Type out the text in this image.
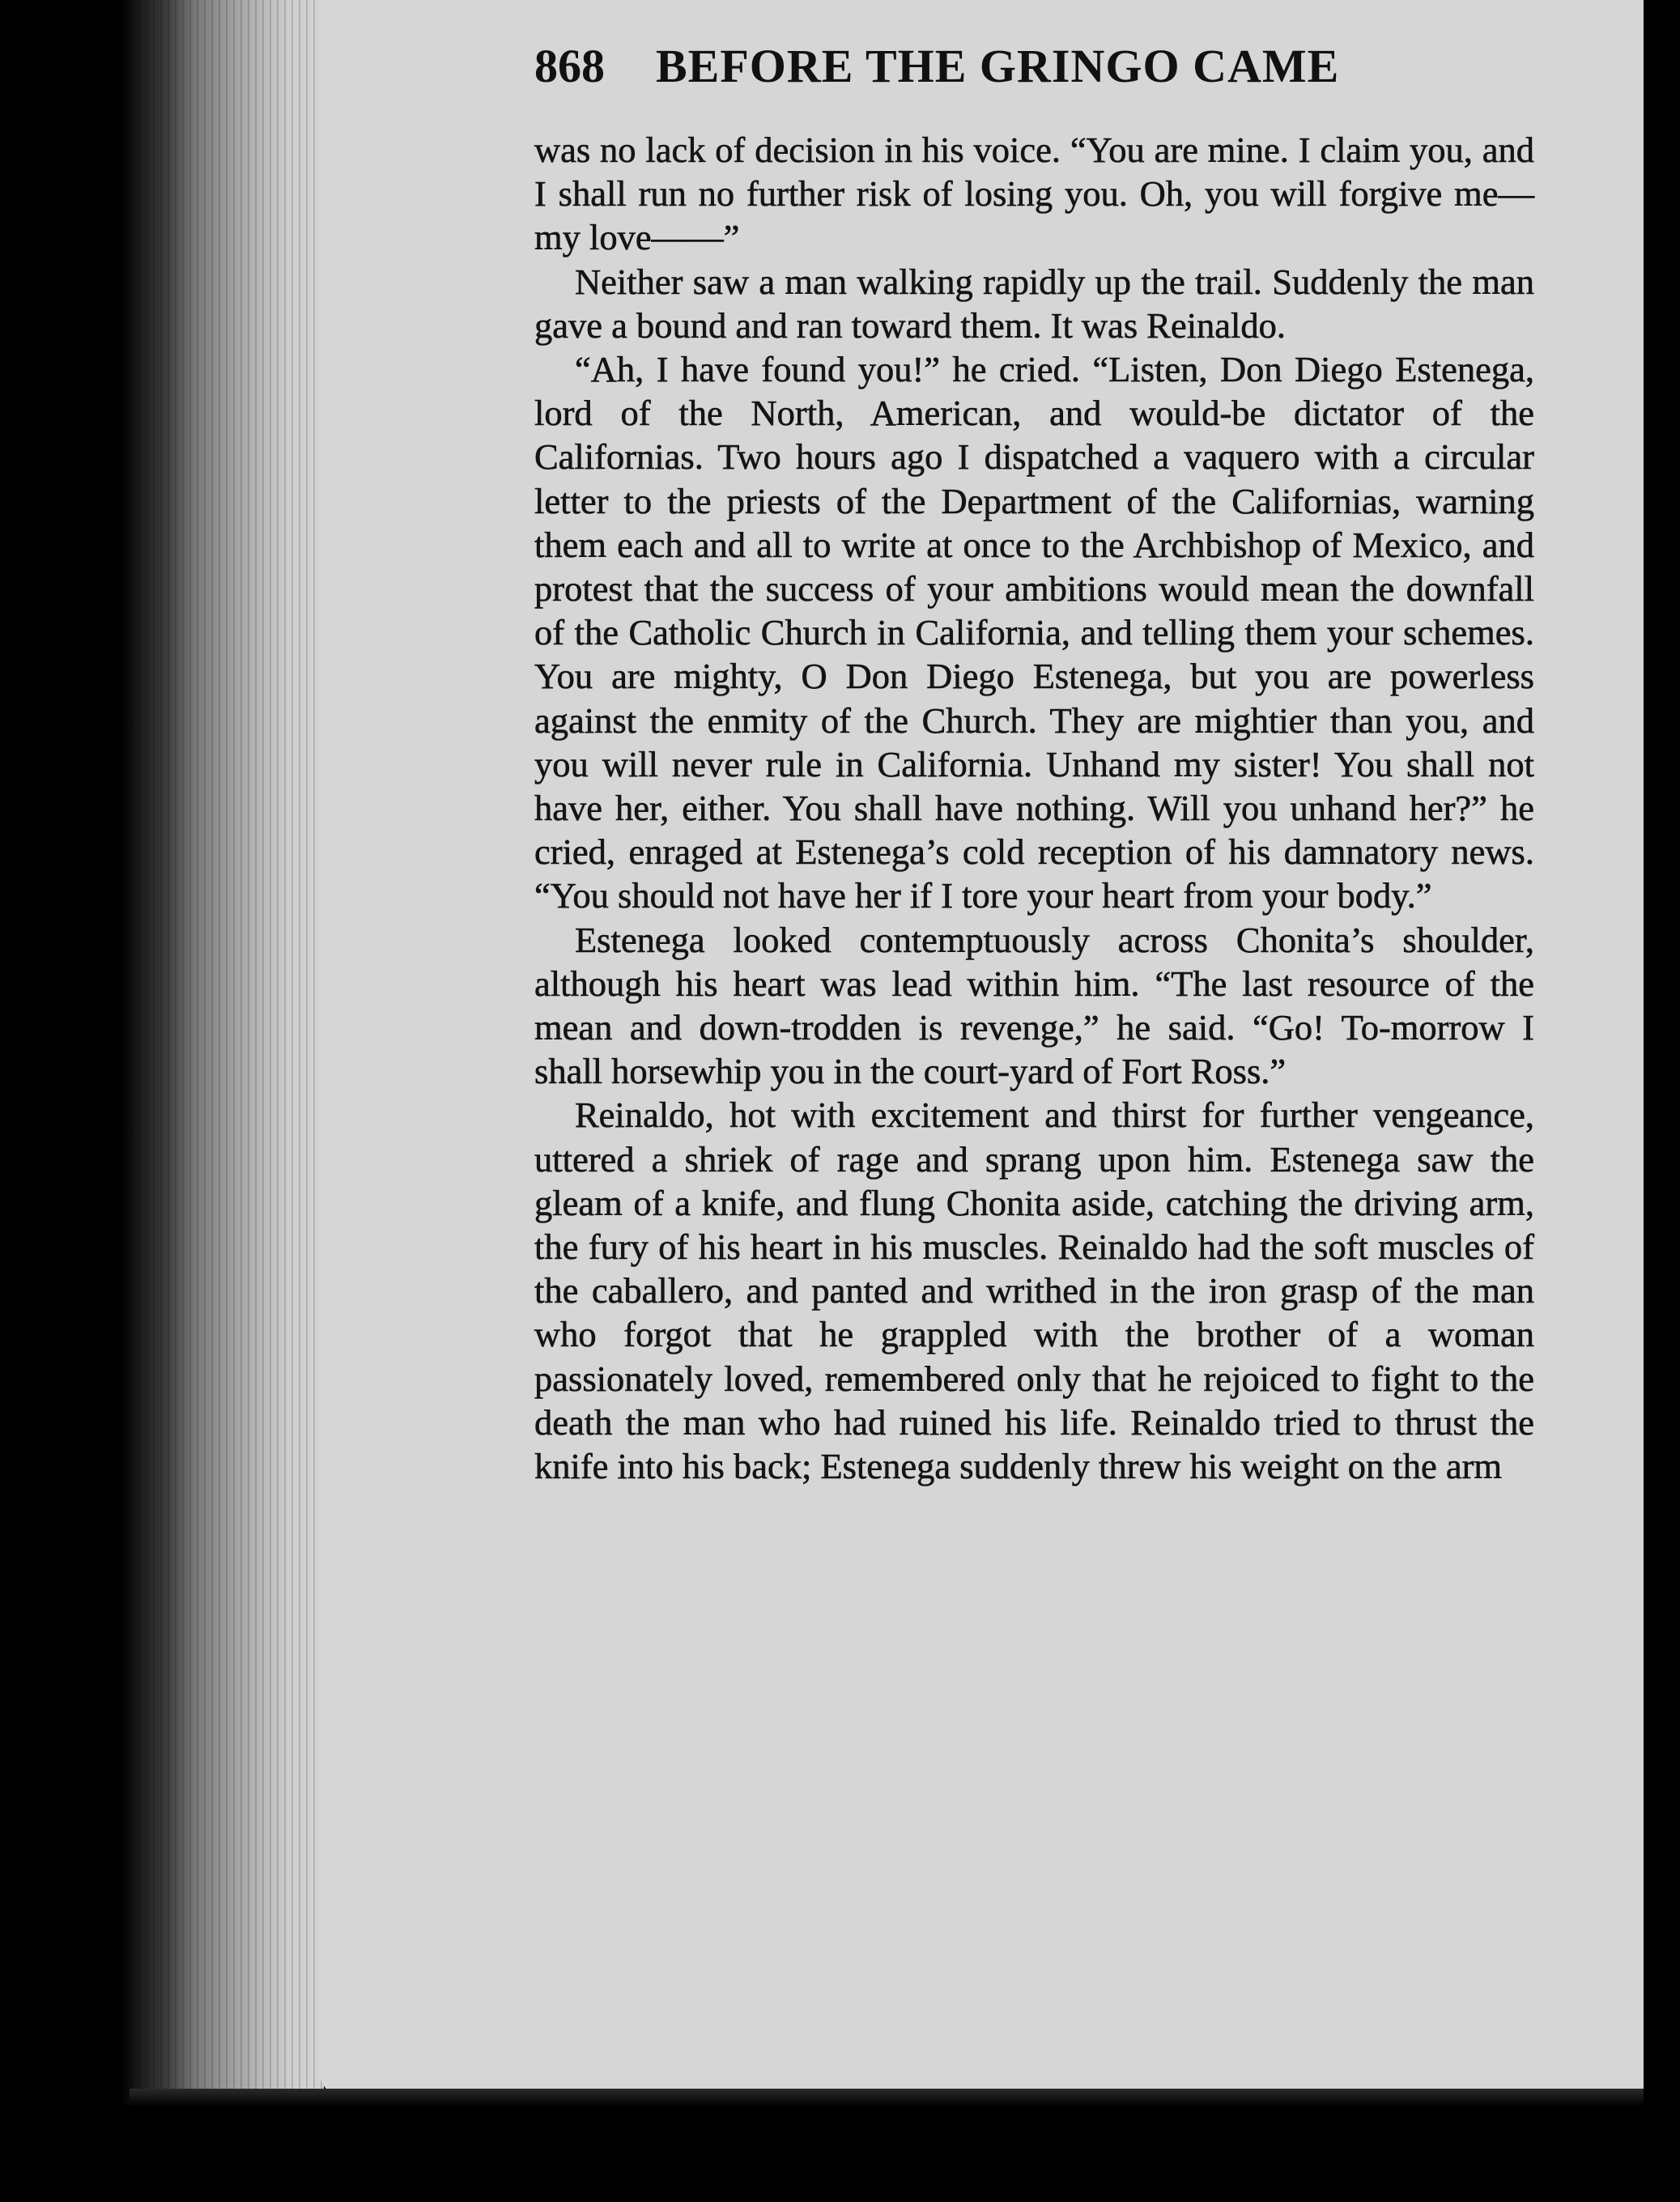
868 BEFORE THE GRINGO CAME

was no lack of decision in his voice. “You are mine. I claim you, and I shall run no further risk of losing you. Oh, you will forgive me—my love——”

Neither saw a man walking rapidly up the trail. Suddenly the man gave a bound and ran toward them. It was Reinaldo.

“Ah, I have found you!” he cried. “Listen, Don Diego Estenega, lord of the North, American, and would-be dictator of the Californias. Two hours ago I dispatched a vaquero with a circular letter to the priests of the Department of the Californias, warning them each and all to write at once to the Archbishop of Mexico, and protest that the success of your ambitions would mean the downfall of the Catholic Church in California, and telling them your schemes. You are mighty, O Don Diego Estenega, but you are powerless against the enmity of the Church. They are mightier than you, and you will never rule in California. Unhand my sister! You shall not have her, either. You shall have nothing. Will you unhand her?” he cried, enraged at Estenega’s cold reception of his damnatory news. “You should not have her if I tore your heart from your body.”

Estenega looked contemptuously across Chonita’s shoulder, although his heart was lead within him. “The last resource of the mean and down-trodden is revenge,” he said. “Go! To-morrow I shall horsewhip you in the court-yard of Fort Ross.”

Reinaldo, hot with excitement and thirst for further vengeance, uttered a shriek of rage and sprang upon him. Estenega saw the gleam of a knife, and flung Chonita aside, catching the driving arm, the fury of his heart in his muscles. Reinaldo had the soft muscles of the caballero, and panted and writhed in the iron grasp of the man who forgot that he grappled with the brother of a woman passionately loved, remembered only that he rejoiced to fight to the death the man who had ruined his life. Reinaldo tried to thrust the knife into his back; Estenega suddenly threw his weight on the arm
